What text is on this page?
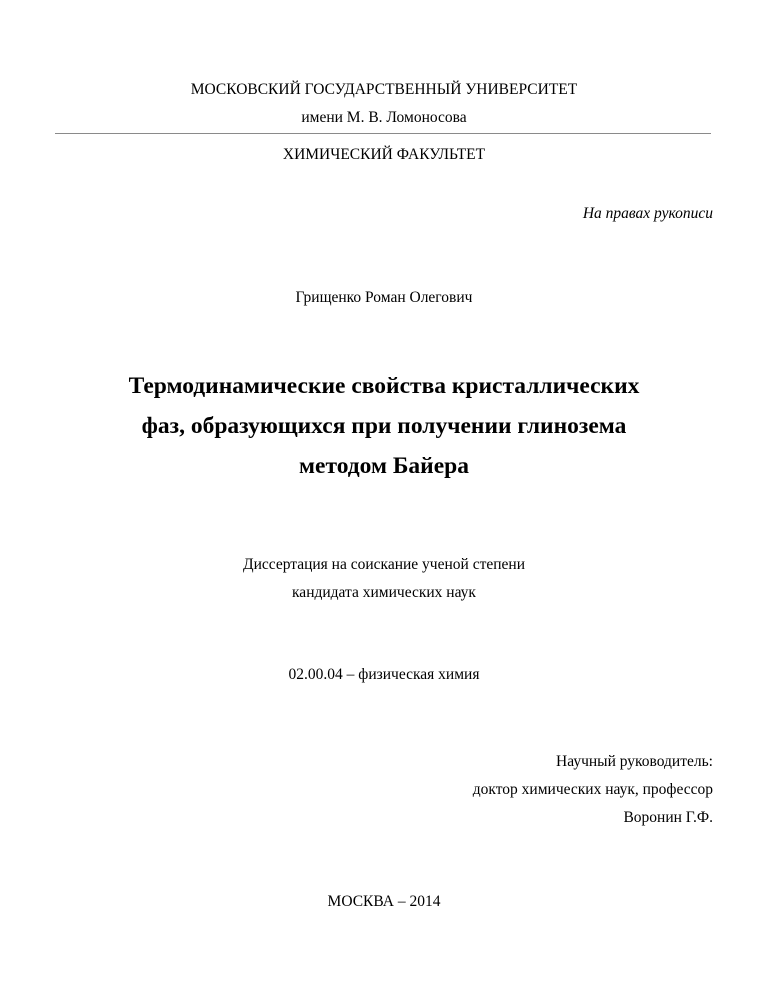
МОСКОВСКИЙ ГОСУДАРСТВЕННЫЙ УНИВЕРСИТЕТ
имени М. В. Ломоносова
ХИМИЧЕСКИЙ ФАКУЛЬТЕТ
На правах рукописи
Грищенко Роман Олегович
Термодинамические свойства кристаллических
фаз, образующихся при получении глинозема
методом Байера
Диссертация на соискание ученой степени
кандидата химических наук
02.00.04 – физическая химия
Научный руководитель:
доктор химических наук, профессор
Воронин Г.Ф.
МОСКВА – 2014
